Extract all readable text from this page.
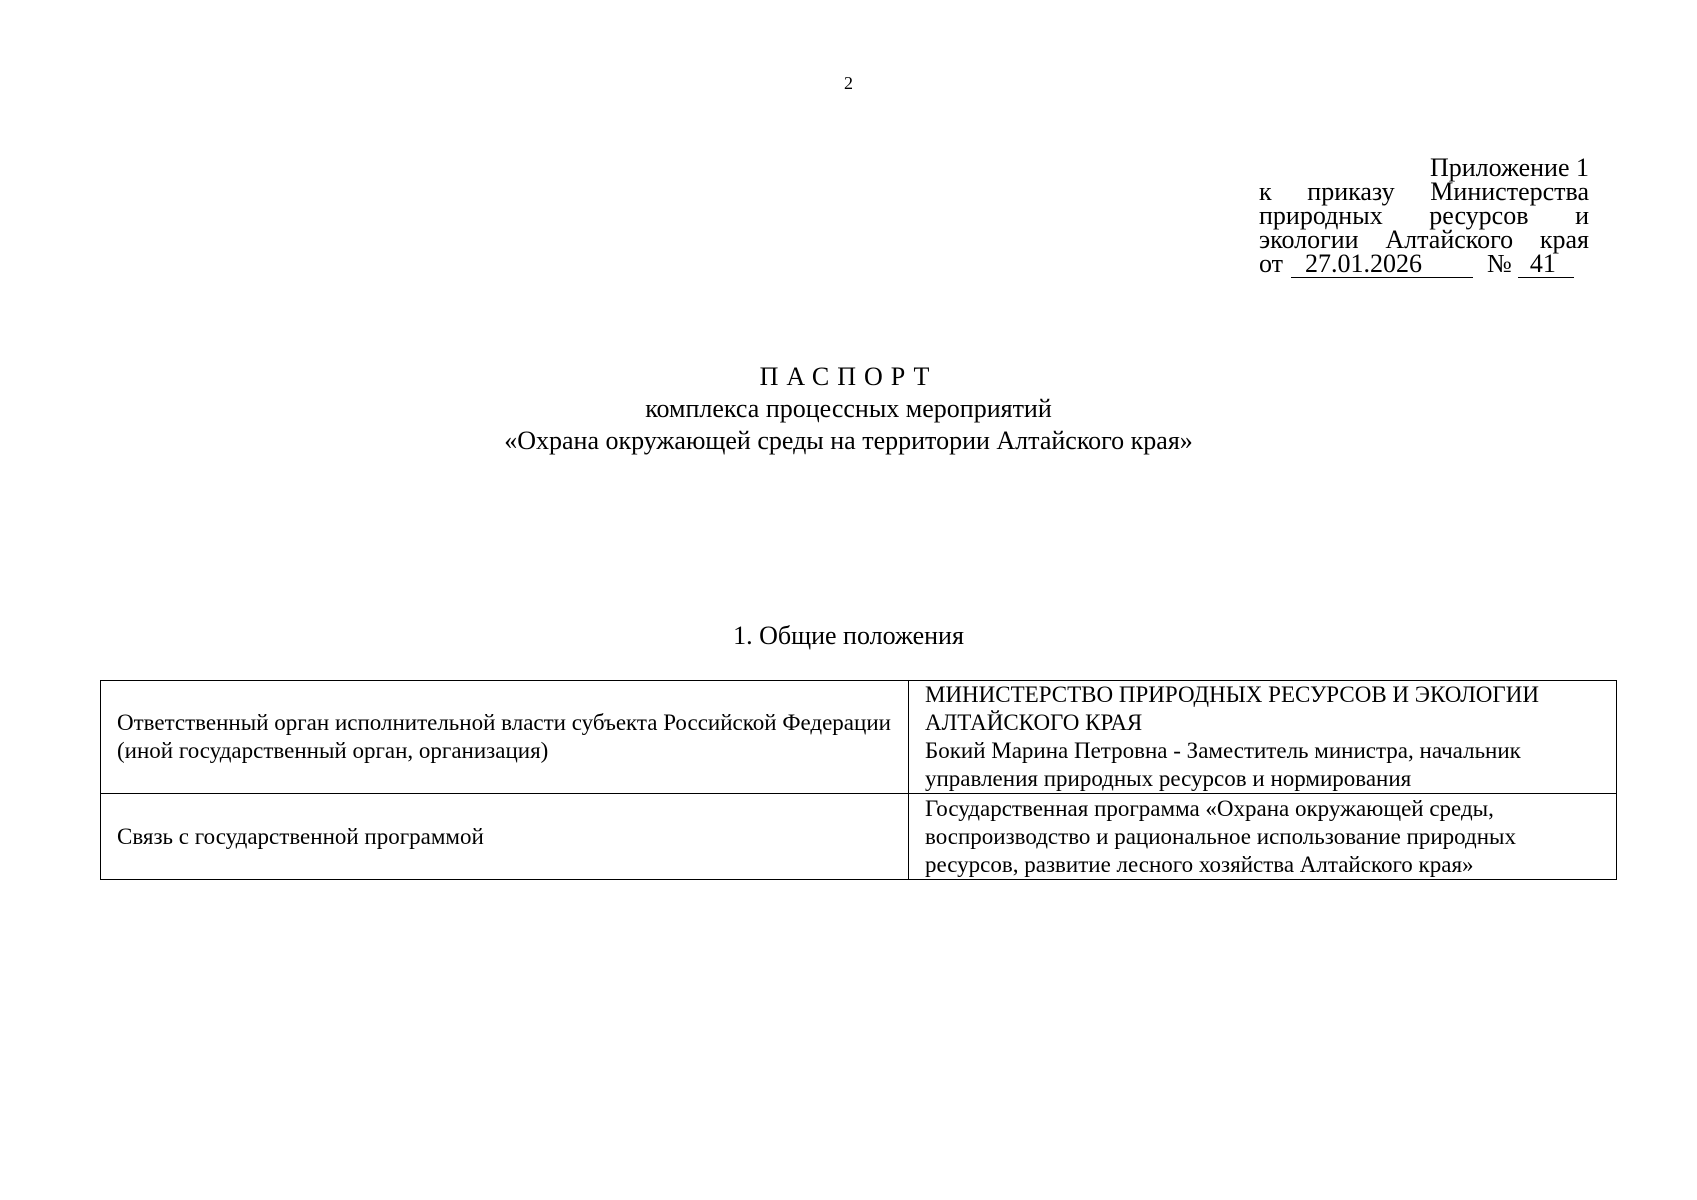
2
Приложение 1
к приказу Министерства
природных ресурсов и
экологии Алтайского края
от 27.01.2026	№ 41
ПАСПОРТ
комплекса процессных мероприятий
«Охрана окружающей среды на территории Алтайского края»
1. Общие положения
Ответственный орган исполнительной власти субъекта Российской Федерации (иной государственный орган, организация)	МИНИСТЕРСТВО ПРИРОДНЫХ РЕСУРСОВ И ЭКОЛОГИИ АЛТАЙСКОГО КРАЯ
Бокий Марина Петровна - Заместитель министра, начальник управления природных ресурсов и нормирования

Связь с государственной программой	Государственная программа «Охрана окружающей среды, воспроизводство и рациональное использование природных ресурсов, развитие лесного хозяйства Алтайского края»
